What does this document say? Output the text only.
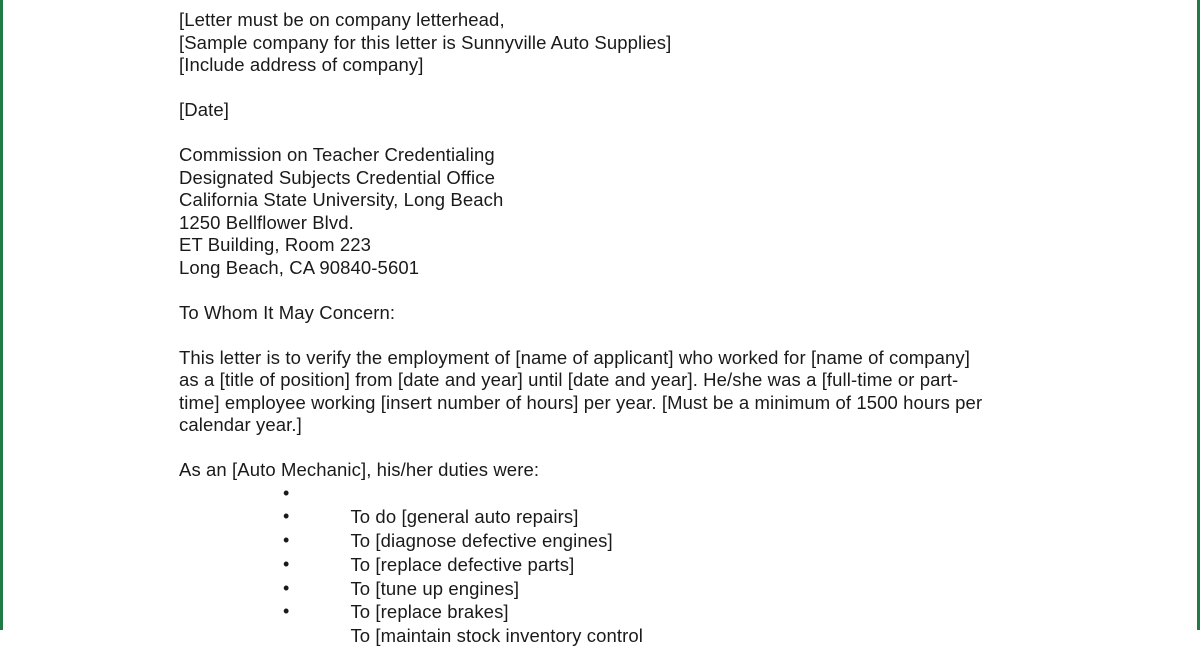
[Letter must be on company letterhead,
[Sample company for this letter is Sunnyville Auto Supplies]
[Include address of company]
[Date]
Commission on Teacher Credentialing
Designated Subjects Credential Office
California State University, Long Beach
1250 Bellflower Blvd.
ET Building, Room 223
Long Beach, CA 90840-5601
To Whom It May Concern:
This letter is to verify the employment of [name of applicant] who worked for [name of company]
as a [title of position] from [date and year] until [date and year]. He/she was a [full-time or part-
time] employee working [insert number of hours] per year. [Must be a minimum of 1500 hours per
calendar year.]
As an [Auto Mechanic], his/her duties were:

•
To do [general auto repairs]

•
To [diagnose defective engines]

•
To [replace defective parts]

•
To [tune up engines]

•
To [replace brakes]

•
To [maintain stock inventory control
